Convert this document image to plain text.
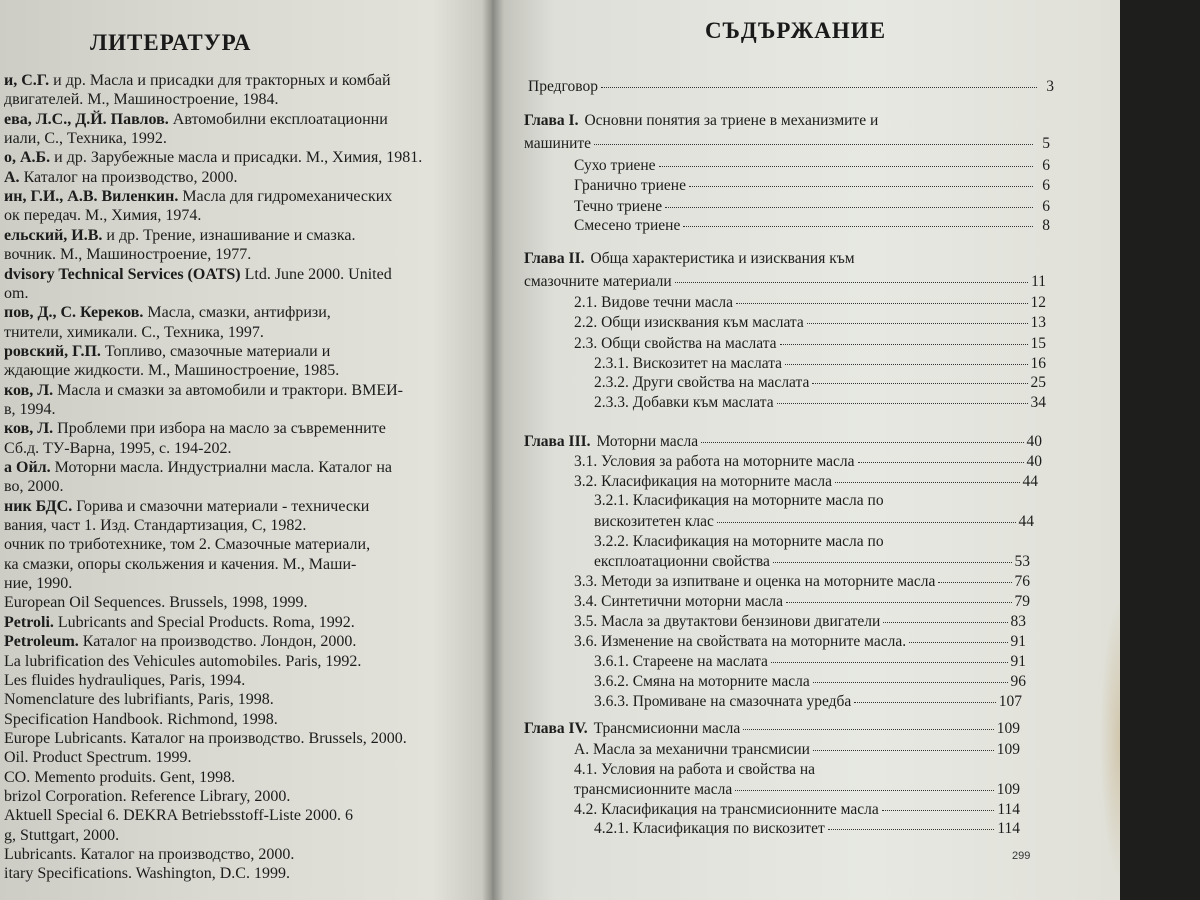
ЛИТЕРАТУРА
и, С.Г. и др. Масла и присадки для тракторных и комбай
двигателей. М., Машиностроение, 1984.
ева, Л.С., Д.Й. Павлов. Автомобилни експлоатационни
иали, С., Техника, 1992.
о, А.Б. и др. Зарубежные масла и присадки. М., Химия, 1981.
А. Каталог на производство, 2000.
ин, Г.И., А.В. Виленкин. Масла для гидромеханических
ок передач. М., Химия, 1974.
ельский, И.В. и др. Трение, изнашивание и смазка.
вочник. М., Машиностроение, 1977.
dvisory Technical Services (OATS) Ltd. June 2000. United
om.
пов, Д., С. Кереков. Масла, смазки, антифризи,
тнители, химикали. С., Техника, 1997.
ровский, Г.П. Топливо, смазочные материали и
ждающие жидкости. М., Машиностроение, 1985.
ков, Л. Масла и смазки за автомобили и трактори. ВМЕИ-
в, 1994.
ков, Л. Проблеми при избора на масло за съвременните
Сб.д. ТУ-Варна, 1995, с. 194-202.
а Ойл. Моторни масла. Индустриални масла. Каталог на
во, 2000.
ник БДС. Горива и смазочни материали - технически
вания, част 1. Изд. Стандартизация, С, 1982.
очник по триботехнике, том 2. Смазочные материали,
ка смазки, опоры скольжения и качения. М., Маши-
ние, 1990.
European Oil Sequences. Brussels, 1998, 1999.
Petroli. Lubricants and Special Products. Roma, 1992.
Petroleum. Каталог на производство. Лондон, 2000.
La lubrification des Vehicules automobiles. Paris, 1992.
Les fluides hydrauliques, Paris, 1994.
Nomenclature des lubrifiants, Paris, 1998.
Specification Handbook. Richmond, 1998.
Europe Lubricants. Каталог на производство. Brussels, 2000.
Oil. Product Spectrum. 1999.
CO. Memento produits. Gent, 1998.
brizol Corporation. Reference Library, 2000.
Aktuell Special 6. DEKRA Betriebsstoff-Liste 2000. 6
g, Stuttgart, 2000.
Lubricants. Каталог на производство, 2000.
itary Specifications. Washington, D.C. 1999.
СЪДЪРЖАНИЕ
Предговор	3
Глава I. Основни понятия за триене в механизмите и
машините	5
Сухо триене	6
Гранично триене	6
Течно триене	6
Смесено триене	8
Глава II. Обща характеристика и изисквания към
смазочните материали	11
2.1. Видове течни масла	12
2.2. Общи изисквания към маслата	13
2.3. Общи свойства на маслата	15
2.3.1. Вискозитет на маслата	16
2.3.2. Други свойства на маслата	25
2.3.3. Добавки към маслата	34
Глава III. Моторни масла	40
3.1. Условия за работа на моторните масла	40
3.2. Класификация на моторните масла	44
3.2.1. Класификация на моторните масла по
вискозитетен клас	44
3.2.2. Класификация на моторните масла по
експлоатационни свойства	53
3.3. Методи за изпитване и оценка на моторните масла	76
3.4. Синтетични моторни масла	79
3.5. Масла за двутактови бензинови двигатели	83
3.6. Изменение на свойствата на моторните масла.	91
3.6.1. Стареене на маслата	91
3.6.2. Смяна на моторните масла	96
3.6.3. Промиване на смазочната уредба	107
Глава IV. Трансмисионни масла	109
А. Масла за механични трансмисии	109
4.1. Условия на работа и свойства на
трансмисионните масла	109
4.2. Класификация на трансмисионните масла	114
4.2.1. Класификация по вискозитет	114
299
